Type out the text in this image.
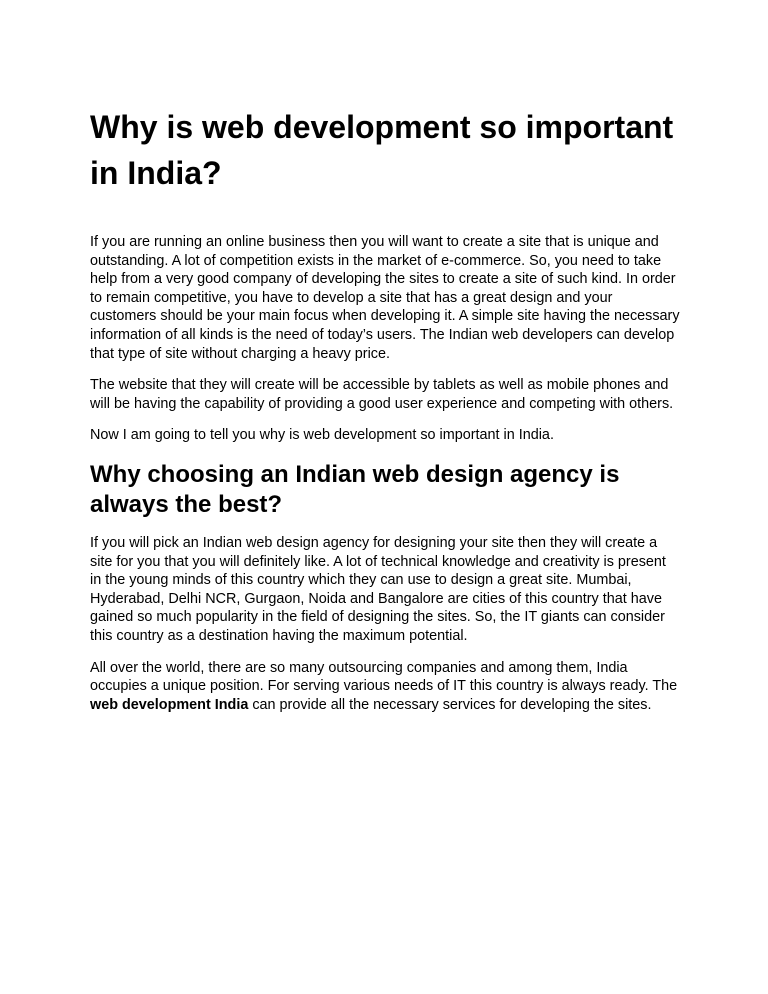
Why is web development so important in India?

If you are running an online business then you will want to create a site that is unique and outstanding. A lot of competition exists in the market of e-commerce. So, you need to take help from a very good company of developing the sites to create a site of such kind. In order to remain competitive, you have to develop a site that has a great design and your customers should be your main focus when developing it. A simple site having the necessary information of all kinds is the need of today’s users. The Indian web developers can develop that type of site without charging a heavy price.

The website that they will create will be accessible by tablets as well as mobile phones and will be having the capability of providing a good user experience and competing with others.

Now I am going to tell you why is web development so important in India.

Why choosing an Indian web design agency is always the best?

If you will pick an Indian web design agency for designing your site then they will create a site for you that you will definitely like. A lot of technical knowledge and creativity is present in the young minds of this country which they can use to design a great site. Mumbai, Hyderabad, Delhi NCR, Gurgaon, Noida and Bangalore are cities of this country that have gained so much popularity in the field of designing the sites. So, the IT giants can consider this country as a destination having the maximum potential.

All over the world, there are so many outsourcing companies and among them, India occupies a unique position. For serving various needs of IT this country is always ready. The web development India can provide all the necessary services for developing the sites.
